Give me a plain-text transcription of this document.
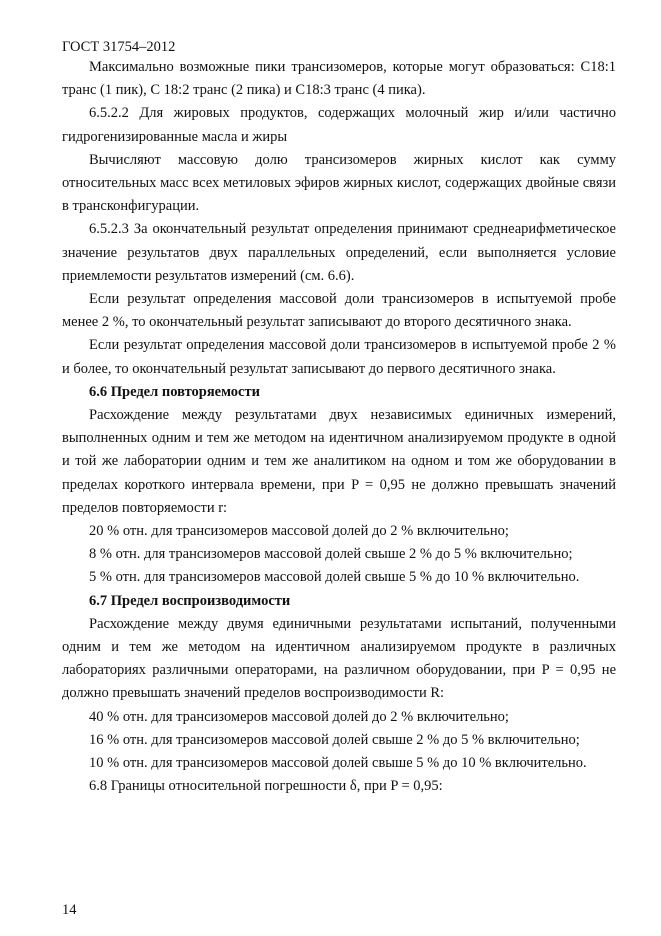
ГОСТ 31754–2012

Максимально возможные пики трансизомеров, которые могут образоваться: С18:1 транс (1 пик), С 18:2 транс (2 пика) и С18:3 транс (4 пика).

6.5.2.2 Для жировых продуктов, содержащих молочный жир и/или частично гидрогенизированные масла и жиры

Вычисляют массовую долю трансизомеров жирных кислот как сумму относительных масс всех метиловых эфиров жирных кислот, содержащих двойные связи в трансконфигурации.

6.5.2.3 За окончательный результат определения принимают среднеарифметическое значение результатов двух параллельных определений, если выполняется условие приемлемости результатов измерений (см. 6.6).

Если результат определения массовой доли трансизомеров в испытуемой пробе менее 2 %, то окончательный результат записывают до второго десятичного знака.

Если результат определения массовой доли трансизомеров в испытуемой пробе 2 % и более, то окончательный результат записывают до первого десятичного знака.

6.6 Предел повторяемости

Расхождение между результатами двух независимых единичных измерений, выполненных одним и тем же методом на идентичном анализируемом продукте в одной и той же лаборатории одним и тем же аналитиком на одном и том же оборудовании в пределах короткого интервала времени, при P = 0,95 не должно превышать значений пределов повторяемости r:

20 % отн. для трансизомеров массовой долей до 2 % включительно;

8 % отн. для трансизомеров массовой долей свыше 2 % до 5 % включительно;

5 % отн. для трансизомеров массовой долей свыше 5 % до 10 % включительно.

6.7 Предел воспроизводимости

Расхождение между двумя единичными результатами испытаний, полученными одним и тем же методом на идентичном анализируемом продукте в различных лабораториях различными операторами, на различном оборудовании, при P = 0,95 не должно превышать значений пределов воспроизводимости R:

40 % отн. для трансизомеров массовой долей до 2 % включительно;

16 % отн. для трансизомеров массовой долей свыше 2 % до 5 % включительно;

10 % отн. для трансизомеров массовой долей свыше 5 % до 10 % включительно.

6.8 Границы относительной погрешности δ, при P = 0,95:

14
